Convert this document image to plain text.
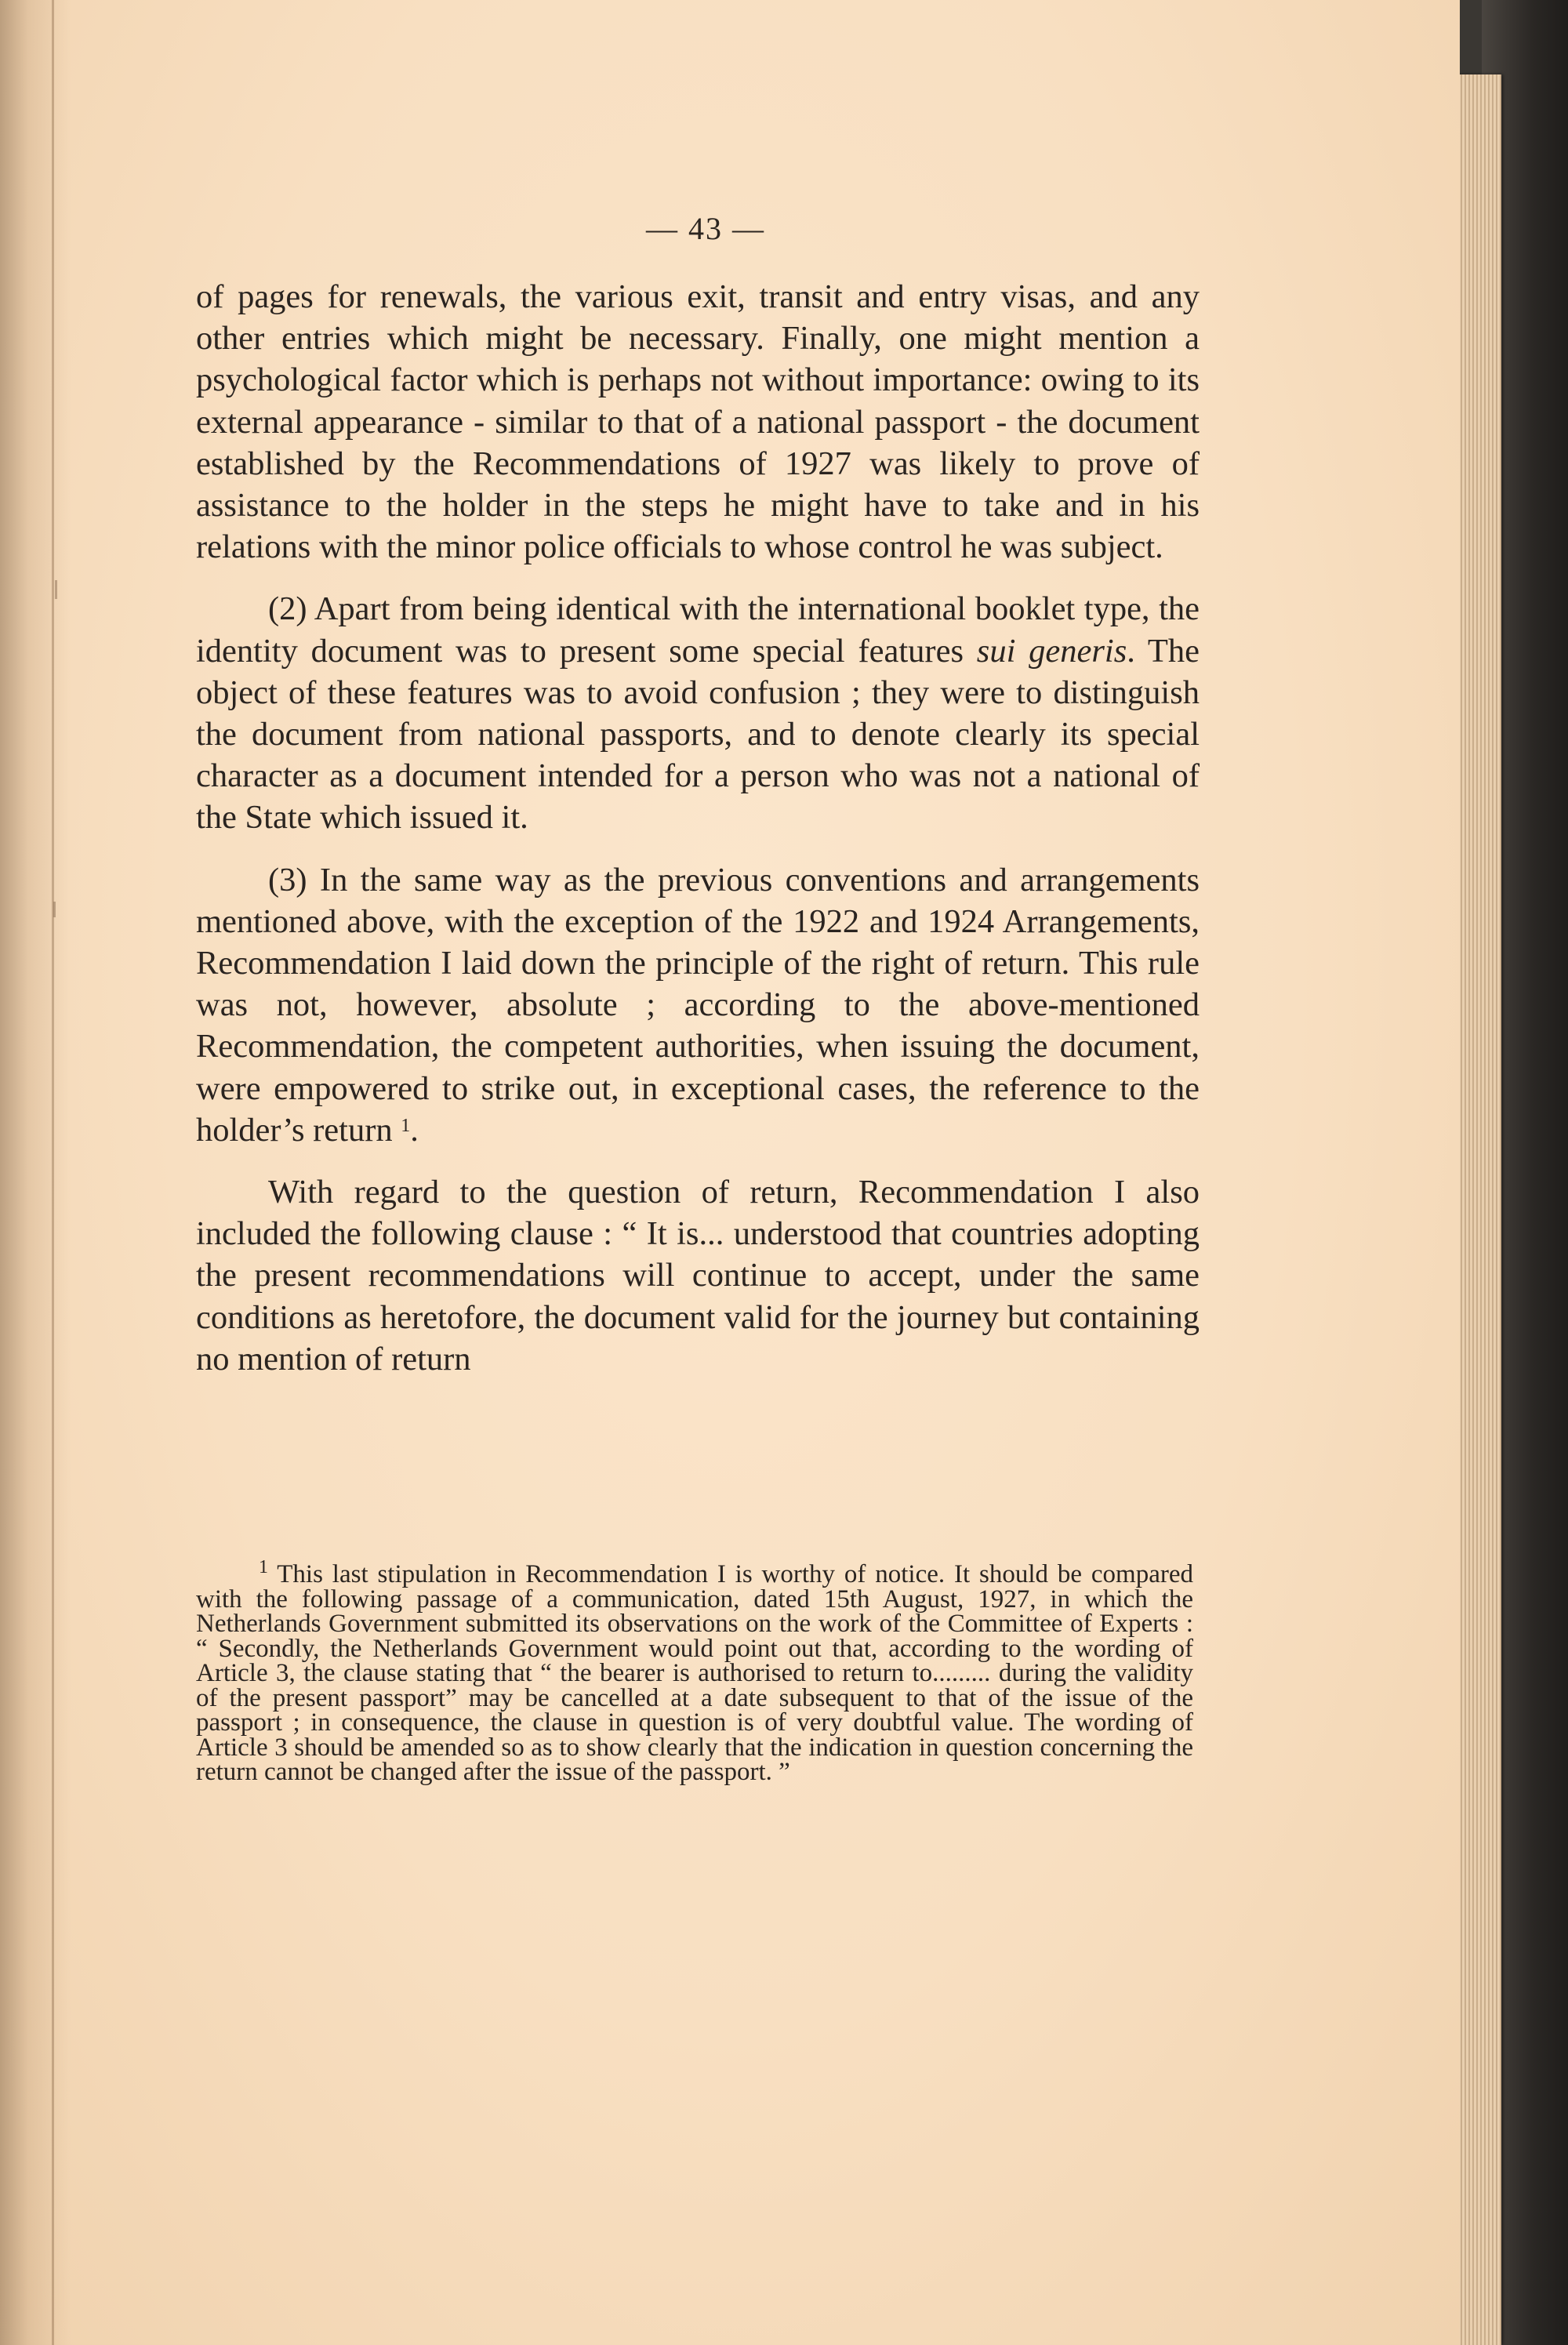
— 43 —

of pages for renewals, the various exit, transit and entry visas, and any other entries which might be necessary. Finally, one might mention a psychological factor which is perhaps not without importance: owing to its external appearance - similar to that of a national passport - the document established by the Recommendations of 1927 was likely to prove of assistance to the holder in the steps he might have to take and in his relations with the minor police officials to whose control he was subject.

(2) Apart from being identical with the international booklet type, the identity document was to present some special features sui generis. The object of these features was to avoid confusion ; they were to distinguish the document from national passports, and to denote clearly its special character as a document intended for a person who was not a national of the State which issued it.

(3) In the same way as the previous conventions and arrangements mentioned above, with the exception of the 1922 and 1924 Arrangements, Recommendation I laid down the principle of the right of return. This rule was not, however, absolute ; according to the above-mentioned Recommendation, the competent authorities, when issuing the document, were empowered to strike out, in exceptional cases, the reference to the holder’s return $^1$.

With regard to the question of return, Recommendation I also included the following clause : “ It is... understood that countries adopting the present recommendations will continue to accept, under the same conditions as heretofore, the document valid for the journey but containing no mention of return

$^1$ This last stipulation in Recommendation I is worthy of notice. It should be compared with the following passage of a communication, dated 15th August, 1927, in which the Netherlands Government submitted its observations on the work of the Committee of Experts : “ Secondly, the Netherlands Government would point out that, according to the wording of Article 3, the clause stating that “ the bearer is authorised to return to......... during the validity of the present passport” may be cancelled at a date subsequent to that of the issue of the passport ; in consequence, the clause in question is of very doubtful value. The wording of Article 3 should be amended so as to show clearly that the indication in question concerning the return cannot be changed after the issue of the passport. ”
